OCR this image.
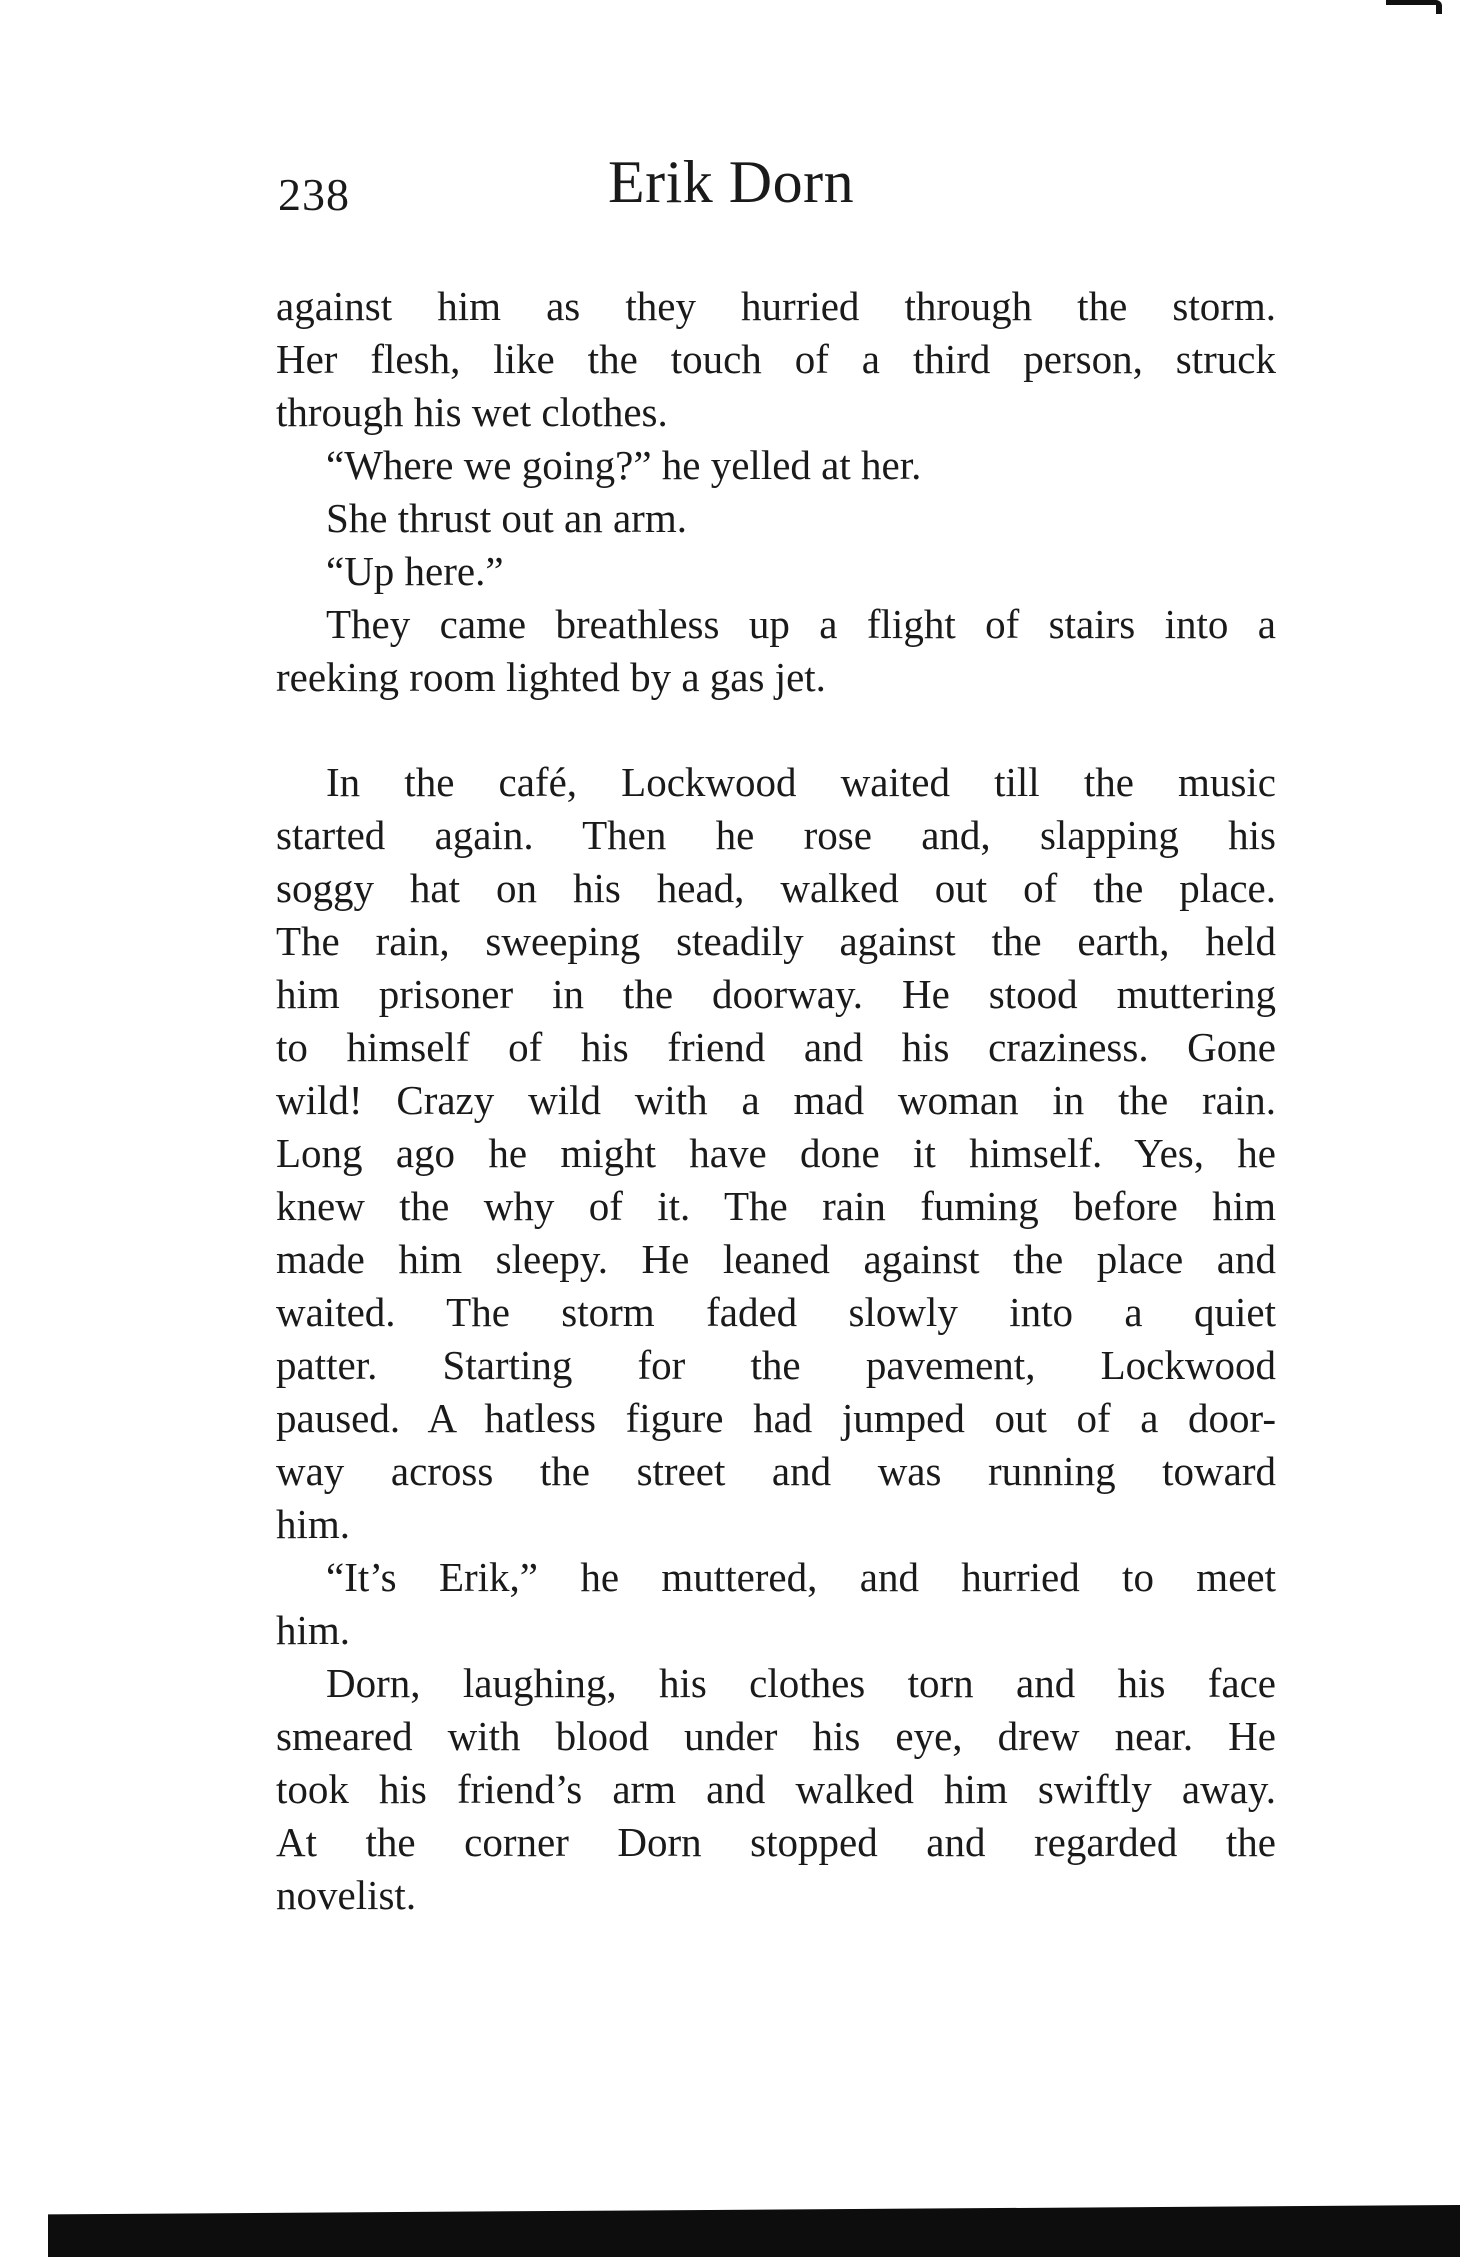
238	Erik Dorn
against him as they hurried through the storm.
Her flesh, like the touch of a third person, struck
through his wet clothes.
“Where we going?” he yelled at her.
She thrust out an arm.
“Up here.”
They came breathless up a flight of stairs into a
reeking room lighted by a gas jet.
In the café, Lockwood waited till the music
started again. Then he rose and, slapping his
soggy hat on his head, walked out of the place.
The rain, sweeping steadily against the earth, held
him prisoner in the doorway. He stood muttering
to himself of his friend and his craziness. Gone
wild! Crazy wild with a mad woman in the rain.
Long ago he might have done it himself. Yes, he
knew the why of it. The rain fuming before him
made him sleepy. He leaned against the place and
waited. The storm faded slowly into a quiet
patter. Starting for the pavement, Lockwood
paused. A hatless figure had jumped out of a door-
way across the street and was running toward
him.
“It’s Erik,” he muttered, and hurried to meet
him.
Dorn, laughing, his clothes torn and his face
smeared with blood under his eye, drew near. He
took his friend’s arm and walked him swiftly away.
At the corner Dorn stopped and regarded the
novelist.
